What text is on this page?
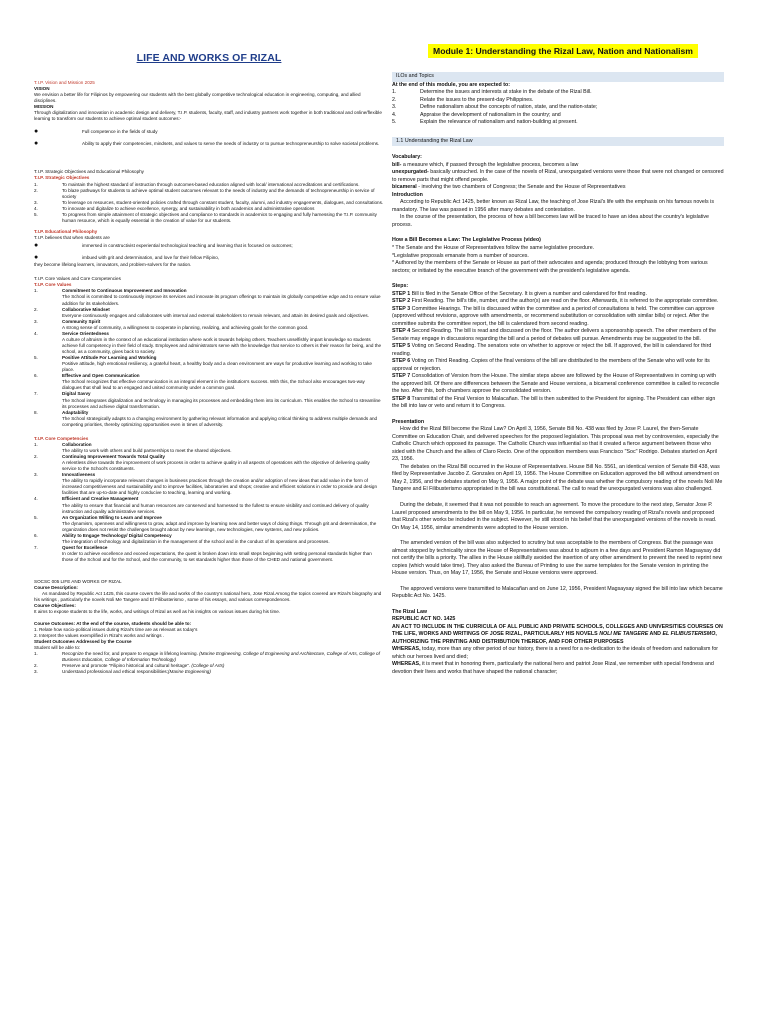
LIFE AND WORKS OF RIZAL
T.I.P. Vision and Mission 2025
VISION
We envision a better life for Filipinos by empowering our students with the best globally competitive technological education in engineering, computing, and allied disciplines.
MISSION
Through digitalization and innovation in academic design and delivery, T.I.P. students, faculty, staff, and industry partners work together in both traditional and online/flexible learning to transform our students to achieve optimal student outcomes:-
●	Full competence in the fields of study
●	Ability to apply their competencies, mindsets, and values to serve the needs of industry or to pursue technopreneurship to solve societal problems.
T.I.P. Strategic Objectives and Educational Philosophy
T.I.P. Strategic Objectives
1.	To maintain the highest standard of instruction through outcomes-based education aligned with local/ international accreditations and certifications.
2.	To blaze pathways for students to achieve optimal student outcomes relevant to the needs of industry and the demands of technopreneurship in service of society
3.	To leverage on resources, student-oriented policies crafted through constant student, faculty, alumni, and industry engagements, dialogues, and consultations.
4.	To innovate and digitalize to achieve excellence, synergy, and sustainability in both academics and administrative operations
5.	To progress from simple attainment of strategic objectives and compliance to standards in academics to engaging and fully harnessing the T.I.P. community human resource, which is equally essential in the creation of value for our students.
T.I.P. Educational Philosophy
T.I.P. believes that when students are
●	immersed in constructivist experiential technological teaching and learning that is focused on outcomes;
●	imbued with grit and determination, and love for their fellow Filipino,
they become lifelong learners, innovators, and problem-solvers for the nation.
T.I.P. Core Values and Core Competencies
T.I.P. Core Values
1.	Commitment to Continuous Improvement and Innovation
The School is committed to continuously improve its services and innovate its program offerings to maintain its globally competitive edge and to ensure value addition for its stakeholders.
2.	Collaborative Mindset
Everyone continuously engages and collaborates with internal and external stakeholders to remain relevant, and attain its desired goals and objectives.
3.	Community Spirit
A strong sense of community, a willingness to cooperate in planning, realizing, and achieving goals for the common good.
4.	Service Orientedness
A culture of altruism in the context of an educational institution where work is towards helping others. Teachers unselfishly impart knowledge so students achieve full competency in their field of study. Employees and administrators serve with the knowledge that service to others is their reason for being, and the school, as a community, gives back to society.
5.	Positive Attitude For Learning and Working
Positive attitude, high emotional resiliency, a grateful heart, a healthy body and a clean environment are ways for productive learning and working to take place.
6.	Effective and Open Communication
The School recognizes that effective communication is an integral element in the institution's success. With this, the School also encourages two-way dialogues that shall lead to an engaged and united community under a common goal.
7.	Digital Savvy
The School integrates digitalization and technology in managing its processes and embedding them into its curriculum. This enables the School to streamline its processes and achieve digital transformation.
8.	Adaptability
The School strategically adapts to a changing environment by gathering relevant information and applying critical thinking to address multiple demands and competing priorities, thereby optimizing opportunities even in times of adversity.
T.I.P. Core Competencies
1.	Collaboration
The ability to work with others and build partnerships to meet the shared objectives.
2.	Continuing Improvement Towards Total Quality
A relentless drive towards the improvement of work process in order to achieve quality in all aspects of operations with the objective of delivering quality service to the School's constituents.
3.	Innovativeness
The ability to rapidly incorporate relevant changes in business practices through the creation and/or adoption of new ideas that add value in the form of increased competitiveness and sustainability and to improve facilities, laboratories and shops; creative and efficient solutions in order to provide and design facilities that are up-to-date and highly conducive to teaching, learning and working.
4.	Efficient and Creative Management
The ability to ensure that financial and human resources are conserved and harnessed to the fullest to ensure visibility and continued delivery of quality instruction and quality administrative services.
5.	An Organization Willing to Learn and Improve
The dynamism, openness and willingness to grow, adapt and improve by learning new and better ways of doing things. Through grit and determination, the organization does not resist the challenges brought about by new learnings, new technologies, new systems, and new policies.
6.	Ability to Engage Technology/ Digital Competency
The integration of technology and digitalization in the management of the school and in the conduct of its operations and processes.
7.	Quest for Excellence
In order to achieve excellence and exceed expectations, the quest is broken down into small steps beginning with setting personal standards higher than those of the School and for the School, and the community, to set standards higher than those of the CHED and national government.
SOCSC 005 LIFE AND WORKS OF RIZAL
Course Description:
As mandated by Republic Act 1425, this course covers the life and works of the country's national hero, Jose Rizal.Among the topics covered are Rizal's biography and his writings , particularly the novels Noli Me Tangere and El Filibusterismo , some of his essays, and various correspondences.
Course Objectives:
It aims to expose students to the life, works, and writings of Rizal as well as his insights on various issues during his time.
Course Outcomes: At the end of the course, students should be able to:
1. Relate how socio-political issues during Rizal's time are as relevant as today's
2. Interpret the values exemplified in Rizal's works and writings .
Student Outcomes Addressed by the Course
Student will be able to:
1.	Recognize the need for, and prepare to engage in lifelong learning. (Marine Engineering, College of Engineering and Architecture, College of Arts, College of Business Education, College of Information Technology)
2.	Preserve and promote "Filipino historical and cultural heritage". (College of Arts)
3.	Understand professional and ethical responsibilities;(Marine Engineering)
Module 1: Understanding the Rizal Law, Nation and Nationalism
ILOs and Topics
At the end of this module, you are expected to:
1.	Determine the issues and interests at stake in the debate of the Rizal Bill.
2.	Relate the issues to the present-day Philippines.
3.	Define nationalism about the concepts of nation, state, and the nation-state;
4.	Appraise the development of nationalism in the country; and
5.	Explain the relevance of nationalism and nation-building at present.
1.1 Understanding the Rizal Law
Vocabulary:
bill- a measure which, if passed through the legislative process, becomes a law
unexpurgated- basically untouched. In the case of the novels of Rizal, unexpurgated versions were those that were not changed or censored to remove parts that might offend people.
bicameral - involving the two chambers of Congress; the Senate and the House of Representatives
Introduction
According to Republic Act 1425, better known as Rizal Law, the teaching of Jose Rizal's life with the emphasis on his famous novels is mandatory. The law was passed in 1956 after many debates and contestation.
In the course of the presentation, the process of how a bill becomes law will be traced to have an idea about the country's legislative process.
How a Bill Becomes a Law: The Legislative Process (video)
* The Senate and the House of Representatives follow the same legislative procedure.
*Legislative proposals emanate from a number of sources.
* Authored by the members of the Senate or House as part of their advocates and agenda; produced through the lobbying from various sectors; or initiated by the executive branch of the government with the president's legislative agenda.
Steps:
STEP 1 Bill is filed in the Senate Office of the Secretary. It is given a number and calendared for first reading.
STEP 2 First Reading. The bill's title, number, and the author(s) are read on the floor. Afterwards, it is referred to the appropriate committee.
STEP 3 Committee Hearings. The bill is discussed within the committee and a period of consultations is held. The committee can approve (approved without revisions, approve with amendments, or recommend substitution or consolidation with similar bills) or reject. After the committee submits the committee report, the bill is calendared from second reading.
STEP 4 Second Reading. The bill is read and discussed on the floor. The author delivers a sponsorship speech. The other members of the Senate may engage in discussions regarding the bill and a period of debates will pursue. Amendments may be suggested to the bill.
STEP 5 Voting on Second Reading. The senators vote on whether to approve or reject the bill. If approved, the bill is calendared for third reading.
STEP 6 Voting on Third Reading. Copies of the final versions of the bill are distributed to the members of the Senate who will vote for its approval or rejection.
STEP 7 Consolidation of Version from the House. The similar steps above are followed by the House of Representatives in coming up with the approved bill. Of there are differences between the Senate and House versions, a bicameral conference committee is called to reconcile the two. After this, both chambers approve the consolidated version.
STEP 8 Transmittal of the Final Version to Malacañan. The bill is then submitted to the President for signing. The President can either sign the bill into law or veto and return it to Congress.
Presentation
How did the Rizal Bill become the Rizal Law? On April 3, 1956, Senate Bill No. 438 was filed by Jose P. Laurel, the then-Senate Committee on Education Chair, and delivered speeches for the proposed legislation. This proposal was met by controversies, especially the Catholic Church which opposed its passage. The Catholic Church was influential so that it created a fierce argument between those who sided with the Church and the allies of Claro Recto. One of the opposition members was Francisco "Soc" Rodrigo. Debates started on April 23, 1956.
The debates on the Rizal Bill occurred in the House of Representatives. House Bill No. 5561, an identical version of Senate Bill 438, was filed by Representative Jacobo Z. Gonzales on April 19, 1956. The House Committee on Education approved the bill without amendment on May 2, 1956, and the debates started on May 9, 1956. A major point of the debate was whether the compulsory reading of the novels Noli Me Tangere and El Filibusterismo appropriated in the bill was constitutional. The call to read the unexpurgated versions was also challenged.
During the debate, it seemed that it was not possible to reach an agreement. To move the procedure to the next step, Senator Jose P. Laurel proposed amendments to the bill on May 9, 1956. In particular, he removed the compulsory reading of Rizal's novels and proposed that Rizal's other works be included in the subject. However, he still stood in his belief that the unexpurgated versions of the novels is read. On May 14, 1956, similar amendments were adopted to the House version.
The amended version of the bill was also subjected to scrutiny but was acceptable to the members of Congress. But the passage was almost stopped by technicality since the House of Representatives was about to adjourn in a few days and President Ramon Magsaysay did not certify the bills a priority. The allies in the House skillfully avoided the insertion of any other amendment to prevent the need to reprint new copies (which would take time). They also asked the Bureau of Printing to use the same templates for the Senate version in printing the House version. Thus, on May 17, 1956, the Senate and House versions were approved.
The approved versions were transmitted to Malacañan and on June 12, 1956, President Magsaysay signed the bill into law which became Republic Act No. 1425.
The Rizal Law
REPUBLIC ACT NO. 1425
AN ACT TO INCLUDE IN THE CURRICULA OF ALL PUBLIC AND PRIVATE SCHOOLS, COLLEGES AND UNIVERSITIES COURSES ON THE LIFE, WORKS AND WRITINGS OF JOSE RIZAL, PARTICULARLY HIS NOVELS NOLI ME TANGERE AND EL FILIBUSTERISMO, AUTHORIZING THE PRINTING AND DISTRIBUTION THEREOF, AND FOR OTHER PURPOSES
WHEREAS, today, more than any other period of our history, there is a need for a re-dedication to the ideals of freedom and nationalism for which our heroes lived and died;
WHEREAS, it is meet that in honoring them, particularly the national hero and patriot Jose Rizal, we remember with special fondness and devotion their lives and works that have shaped the national character;
